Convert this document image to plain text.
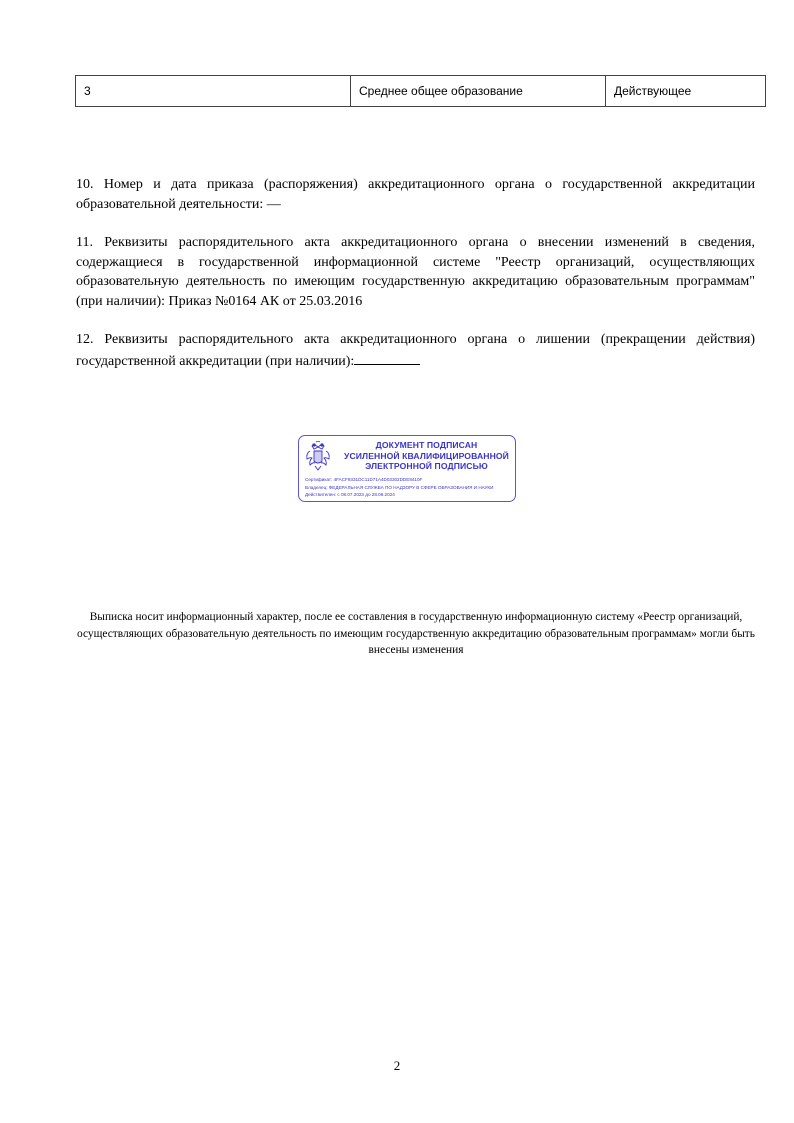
3	Среднее общее образование	Действующее
10. Номер и дата приказа (распоряжения) аккредитационного органа о государственной аккредитации образовательной деятельности: —
11. Реквизиты распорядительного акта аккредитационного органа о внесении изменений в сведения, содержащиеся в государственной информационной системе "Реестр организаций, осуществляющих образовательную деятельность по имеющим государственную аккредитацию образовательным программам" (при наличии): Приказ №0164 АК от 25.03.2016
12. Реквизиты распорядительного акта аккредитационного органа о лишении (прекращении действия) государственной аккредитации (при наличии):
ДОКУМЕНТ ПОДПИСАН
УСИЛЕННОЙ КВАЛИФИЦИРОВАННОЙ
ЭЛЕКТРОННОЙ ПОДПИСЬЮ
Сертификат: 4FACF9331DC11D71A4D03302DDE8410F
Владелец: ФЕДЕРАЛЬНАЯ СЛУЖБА ПО НАДЗОРУ В СФЕРЕ ОБРАЗОВАНИЯ И НАУКИ
Действителен: с 08.07.2023 до 28.09.2024
Выписка носит информационный характер, после ее составления в государственную информационную систему «Реестр организаций, осуществляющих образовательную деятельность по имеющим государственную аккредитацию образовательным программам» могли быть внесены изменения
2
